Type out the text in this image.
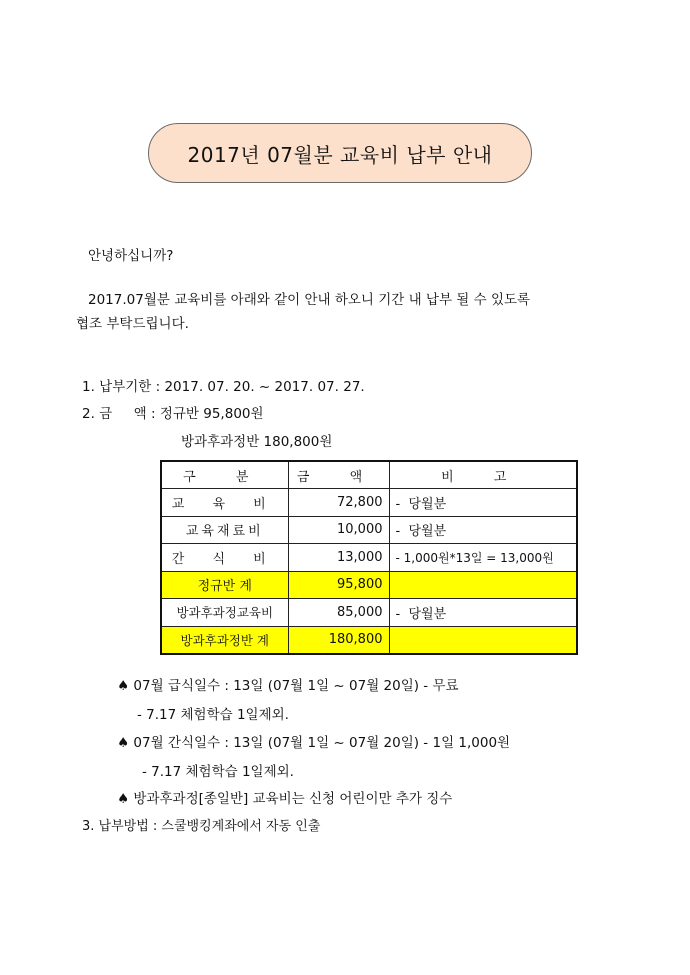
2017년 07월분 교육비 납부 안내
안녕하십니까?
2017.07월분 교육비를 아래와 같이 안내 하오니 기간 내 납부 될 수 있도록
협조 부탁드립니다.
1. 납부기한 : 2017. 07. 20. ~ 2017. 07. 27.
2. 금     액 : 정규반 95,800원
방과후과정반 180,800원
구 분	금 액	비 고
교 육 비	72,800	-  당월분
교육재료비	10,000	-  당월분
간 식 비	13,000	- 1,000원*13일 = 13,000원
정규반 계	95,800	
방과후과정교육비	85,000	-  당월분
방과후과정반 계	180,800	
♠ 07월 급식일수 : 13일 (07월 1일 ~ 07월 20일) - 무료
- 7.17 체험학습 1일제외.
♠ 07월 간식일수 : 13일 (07월 1일 ~ 07월 20일) - 1일 1,000원
- 7.17 체험학습 1일제외.
♠ 방과후과정[종일반] 교육비는 신청 어린이만 추가 징수
3. 납부방법 : 스쿨뱅킹계좌에서 자동 인출
